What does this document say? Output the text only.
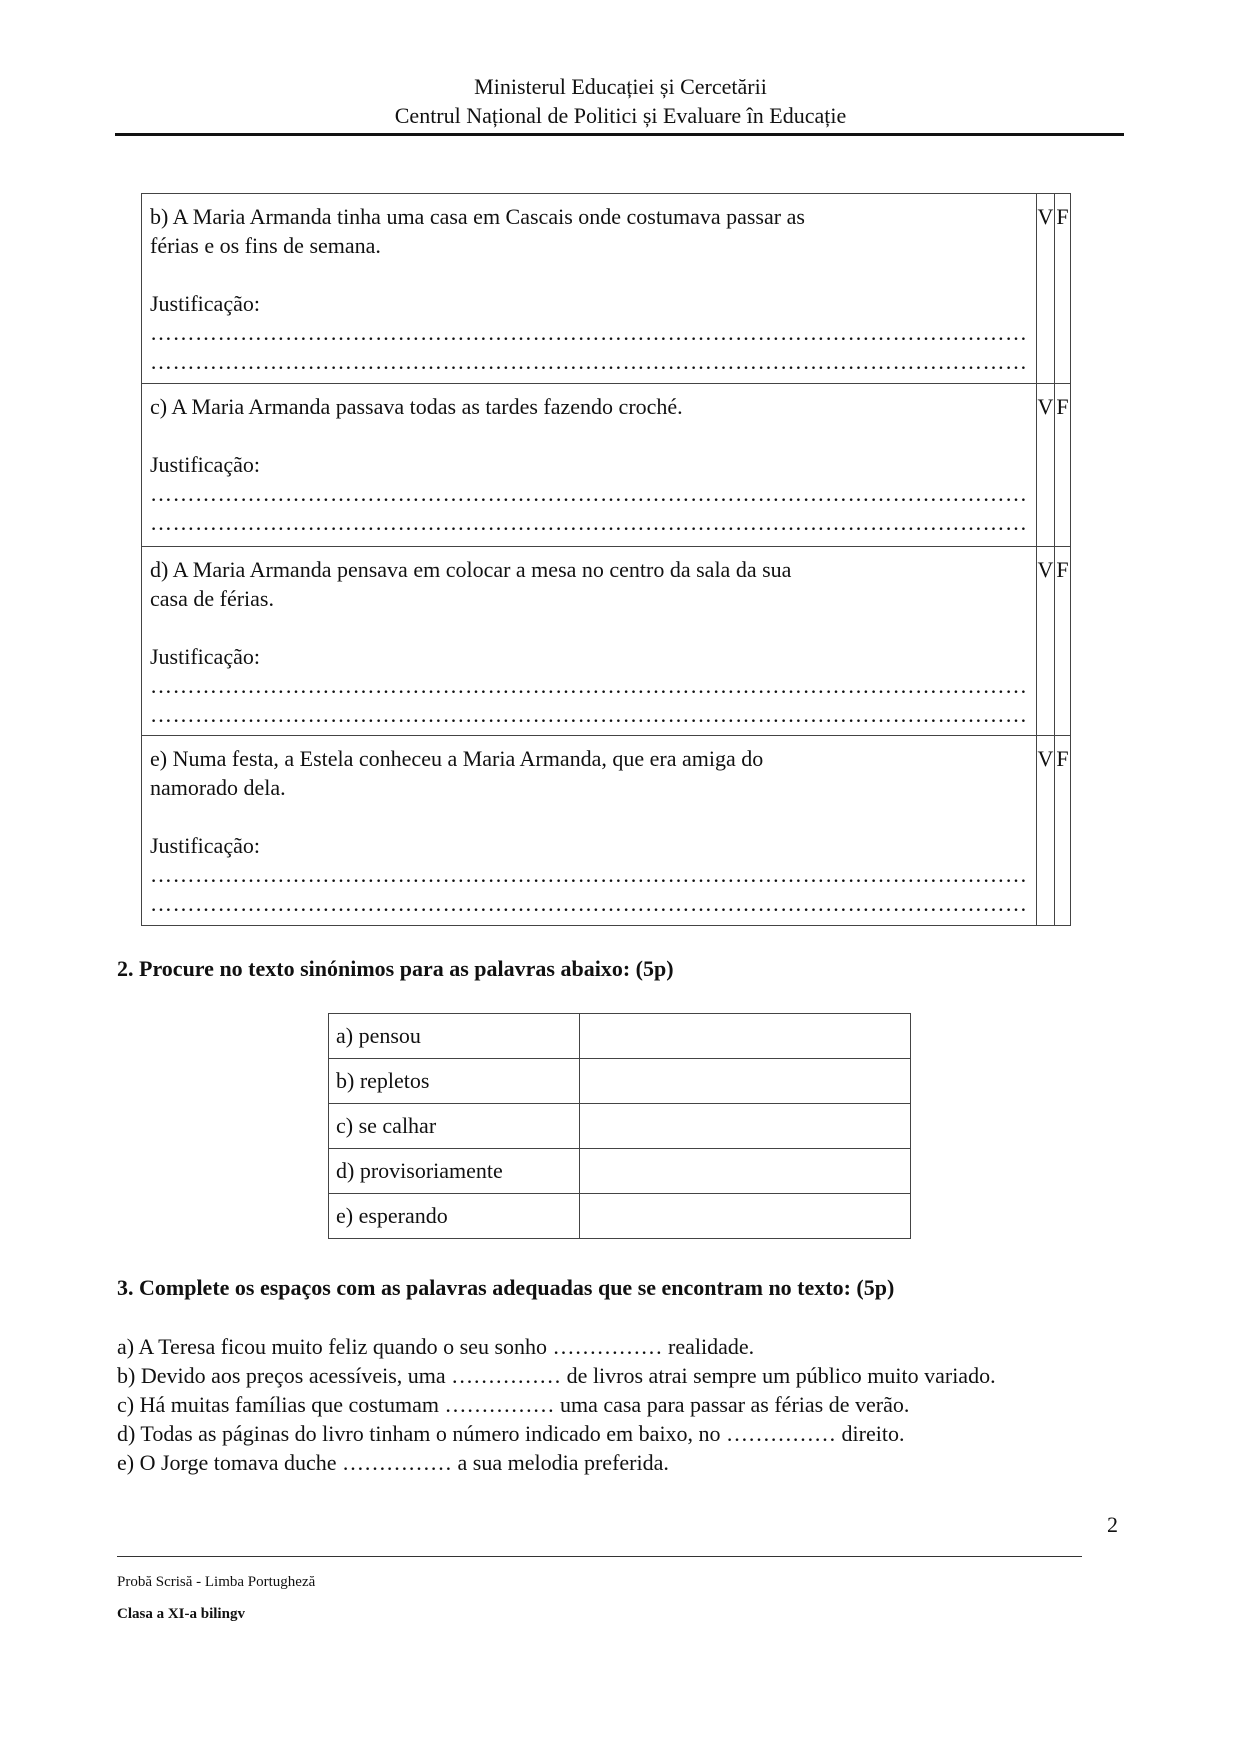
Ministerul Educației și Cercetării
Centrul Național de Politici și Evaluare în Educație
b) A Maria Armanda tinha uma casa em Cascais onde costumava passar as
férias e os fins de semana.
Justificação:
………………………………………………………………………………………………………
………………………………………………………………………………………………………	V	F

c) A Maria Armanda passava todas as tardes fazendo croché.
Justificação:
………………………………………………………………………………………………………
………………………………………………………………………………………………………	V	F

d) A Maria Armanda pensava em colocar a mesa no centro da sala da sua
casa de férias.
Justificação:
………………………………………………………………………………………………………
………………………………………………………………………………………………………	V	F

e) Numa festa, a Estela conheceu a Maria Armanda, que era amiga do
namorado dela.
Justificação:
………………………………………………………………………………………………………
………………………………………………………………………………………………………	V	F
2. Procure no texto sinónimos para as palavras abaixo: (5p)
a) pensou	
b) repletos	
c) se calhar	
d) provisoriamente	
e) esperando	
3. Complete os espaços com as palavras adequadas que se encontram no texto: (5p)
a) A Teresa ficou muito feliz quando o seu sonho …………… realidade.
b) Devido aos preços acessíveis, uma …………… de livros atrai sempre um público muito variado.
c) Há muitas famílias que costumam …………… uma casa para passar as férias de verão.
d) Todas as páginas do livro tinham o número indicado em baixo, no …………… direito.
e) O Jorge tomava duche …………… a sua melodia preferida.
2
Probă Scrisă - Limba Portugheză
Clasa a XI-a bilingv
